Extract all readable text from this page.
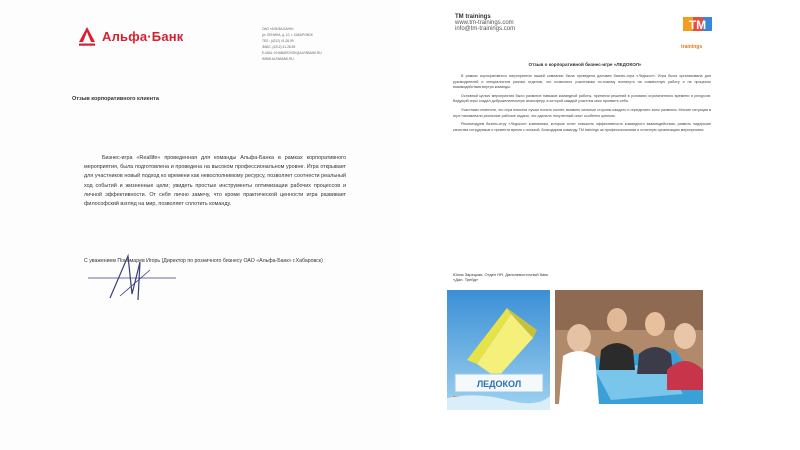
Альфа·Банк	ОАО «АЛЬФА-БАНК»
ул. ЛЕНИНА, д. 10, г. ХАБАРОВСК
ТЕЛ.: (4212) 41-28-99
ФАКС: (4212) 41-28-95
E-MAIL: KHABAROVSK@ALFABANK.RU
WWW.ALFABANK.RU
Отзыв корпоративного клиента
Бизнес-игра «Reallife» проведенная для команды Альфа-Банка в рамках корпоративного мероприятия, была подготовлена и проведена на высоком профессиональном уровне. Игра открывает для участников новый подход ко времени как невосполнимому ресурсу, позволяет соотнести реальный ход событий и жизненные цели; увидеть простые инструменты оптимизации рабочих процессов и личной эффективности. От себя лично замечу, что кроме практической ценности игра развивает философский взгляд на мир, позволяет сплотить команду.
С уважением Пономарев Игорь (Директор по розничного бизнесу ОАО «Альфа-Банк» г.Хабаровск)
TM trainings
www.tm-trainings.com
info@tm-trainings.com	TM
trainings
Отзыв о корпоративной бизнес-игре «ЛЕДОКОЛ»

В рамках корпоративного мероприятия нашей компании была проведена деловая бизнес-игра «Ледокол». Игра была организована для руководителей и специалистов разных отделов, что позволило участникам по-новому взглянуть на совместную работу и на процессы взаимодействия внутри команды.

Основной целью мероприятия было развитие навыков командной работы, принятия решений в условиях ограниченного времени и ресурсов. Ведущий игры создал доброжелательную атмосферу, в которой каждый участник смог проявить себя.

Участники отметили, что игра помогла лучше понять коллег, выявить сильные стороны каждого и определить зоны развития. Многие ситуации в игре напоминали реальные рабочие задачи, что сделало полученный опыт особенно ценным.

Рекомендуем бизнес-игру «Ледокол» компаниям, которые хотят повысить эффективность командного взаимодействия, развить лидерские качества сотрудников и провести время с пользой. Благодарим команду TM trainings за профессионализм и отличную организацию мероприятия.

Юлия Зарецкая, Отдел HR, Дальневосточный банк
«Дал. Трейд»
ЛЕДОКОЛ
